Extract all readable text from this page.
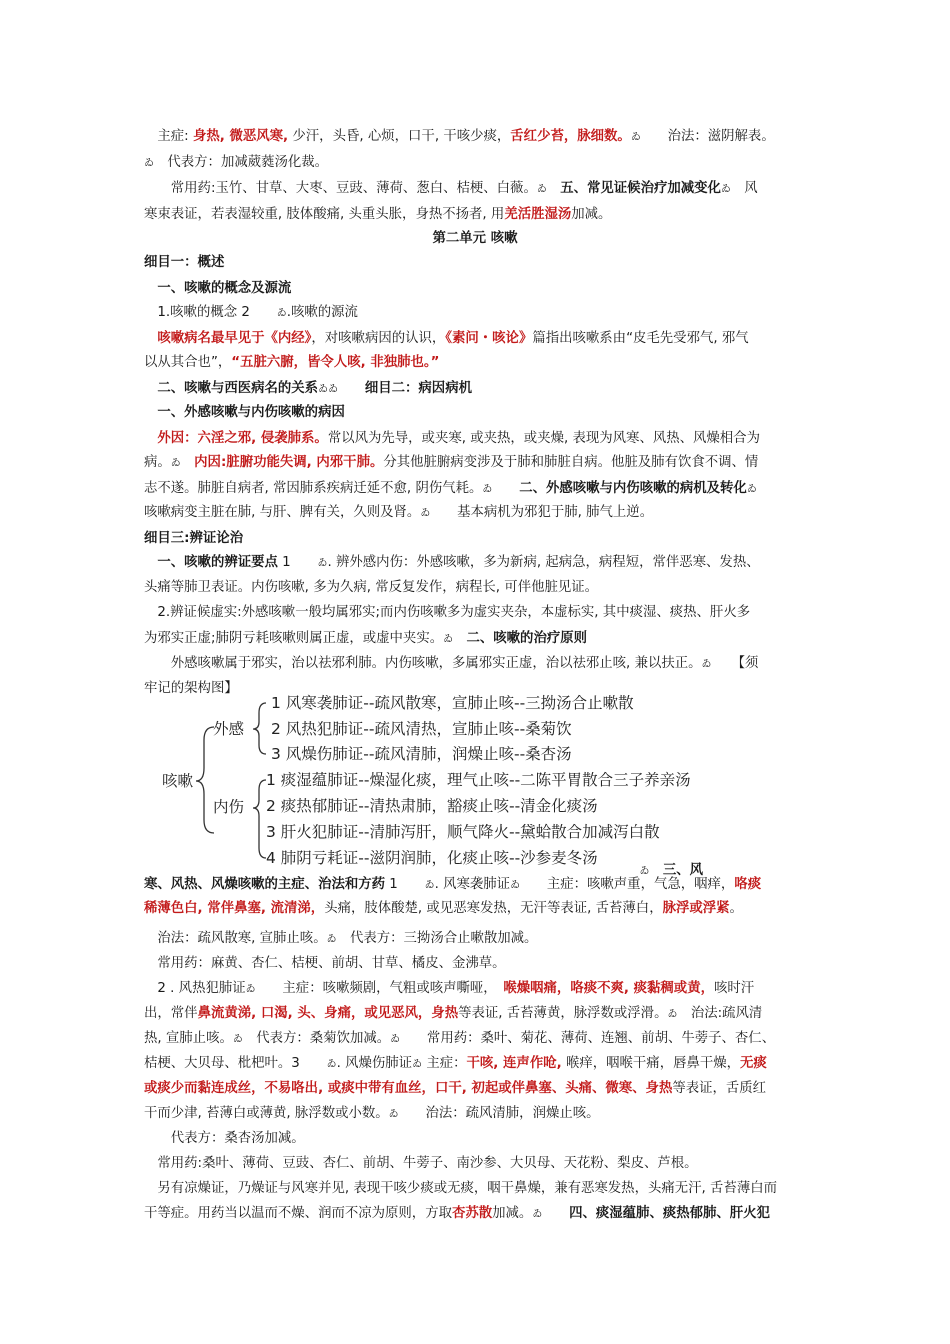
　主症: 身热, 微恶风寒, 少汗，头昏, 心烦，口干, 干咳少痰，舌红少苔，脉细数。ゐ　　治法：滋阴解表。
ゐ　代表方：加减葳蕤汤化裁。
　　常用药:玉竹、甘草、大枣、豆豉、薄荷、葱白、桔梗、白薇。ゐ　 五、常见证候治疗加减变化ゐ　风
寒束表证，若表湿较重, 肢体酸痛, 头重头胀，身热不扬者, 用羌活胜湿汤加减。
第二单元 咳嗽
细目一：概述
　一、咳嗽的概念及源流
　1.咳嗽的概念 2　　ゐ.咳嗽的源流
　咳嗽病名最早见于《内经》，对咳嗽病因的认识，《素问・咳论》篇指出咳嗽系由“皮毛先受邪气, 邪气
以从其合也”，“五脏六腑，皆令人咳, 非独肺也。”
　二、咳嗽与西医病名的关系ゐゐ　　 细目二：病因病机
　一、外感咳嗽与内伤咳嗽的病因
　外因：六淫之邪, 侵袭肺系。常以风为先导，或夹寒, 或夹热，或夹燥, 表现为风寒、风热、风燥相合为
病。ゐ　 内因:脏腑功能失调, 内邪干肺。分其他脏腑病变涉及于肺和肺脏自病。他脏及肺有饮食不调、情
志不遂。肺脏自病者, 常因肺系疾病迁延不愈, 阴伤气耗。ゐ　　 二、外感咳嗽与内伤咳嗽的病机及转化ゐ
咳嗽病变主脏在肺, 与肝、脾有关，久则及肾。ゐ　　基本病机为邪犯于肺, 肺气上逆。
细目三:辨证论治
　一、咳嗽的辨证要点 1　　ゐ. 辨外感内伤：外感咳嗽，多为新病, 起病急，病程短，常伴恶寒、发热、
头痛等肺卫表证。内伤咳嗽, 多为久病, 常反复发作，病程长, 可伴他脏见证。
　2.辨证候虚实:外感咳嗽一般均属邪实;而内伤咳嗽多为虚实夹杂，本虚标实, 其中痰湿、痰热、肝火多
为邪实正虚;肺阴亏耗咳嗽则属正虚，或虚中夹实。ゐ　 二、咳嗽的治疗原则
　　外感咳嗽属于邪实，治以祛邪利肺。内伤咳嗽，多属邪实正虚，治以祛邪止咳, 兼以扶正。ゐ　　【须
牢记的架构图】
　　　　　　　　　　　　　　　　　　　　　　　　　　　　　　　　　　　　　ゐ　 三、风
寒、风热、风燥咳嗽的主症、治法和方药 1　　ゐ. 风寒袭肺证ゐ　　主症：咳嗽声重，气急，咽痒，咯痰
稀薄色白, 常伴鼻塞, 流清涕，头痛，肢体酸楚, 或见恶寒发热，无汗等表证, 舌苔薄白，脉浮或浮紧。
　治法：疏风散寒, 宣肺止咳。ゐ　代表方：三拗汤合止嗽散加减。
　常用药：麻黄、杏仁、桔梗、前胡、甘草、橘皮、金沸草。
　2 . 风热犯肺证ゐ　　主症：咳嗽频剧，气粗或咳声嘶哑，　喉燥咽痛，咯痰不爽, 痰黏稠或黄，咳时汗
出，常伴鼻流黄涕, 口渴, 头、身痛，或见恶风，身热等表证, 舌苔薄黄，脉浮数或浮滑。ゐ　治法:疏风清
热, 宣肺止咳。ゐ　代表方：桑菊饮加减。ゐ　　常用药：桑叶、菊花、薄荷、连翘、前胡、牛蒡子、杏仁、
桔梗、大贝母、枇杷叶。3　　ゐ. 风燥伤肺证ゐ 主症：干咳, 连声作呛, 喉痒，咽喉干痛，唇鼻干燥，无痰
或痰少而黏连成丝，不易咯出, 或痰中带有血丝，口干, 初起或伴鼻塞、头痛、微寒、身热等表证，舌质红
干而少津, 苔薄白或薄黄, 脉浮数或小数。ゐ　　治法：疏风清肺，润燥止咳。
　　代表方：桑杏汤加减。
　常用药:桑叶、薄荷、豆豉、杏仁、前胡、牛蒡子、南沙参、大贝母、天花粉、梨皮、芦根。
　另有凉燥证，乃燥证与风寒并见, 表现干咳少痰或无痰，咽干鼻燥，兼有恶寒发热，头痛无汗, 舌苔薄白而
干等症。用药当以温而不燥、润而不凉为原则，方取杏苏散加减。ゐ　　 四、痰湿蕴肺、痰热郁肺、肝火犯
咳嗽
外感
内伤
1 风寒袭肺证--疏风散寒，宣肺止咳--三拗汤合止嗽散
2 风热犯肺证--疏风清热，宣肺止咳--桑菊饮
3 风燥伤肺证--疏风清肺，润燥止咳--桑杏汤
1 痰湿蕴肺证--燥湿化痰，理气止咳--二陈平胃散合三子养亲汤
2 痰热郁肺证--清热肃肺，豁痰止咳--清金化痰汤
3 肝火犯肺证--清肺泻肝，顺气降火--黛蛤散合加减泻白散
4 肺阴亏耗证--滋阴润肺，化痰止咳--沙参麦冬汤
